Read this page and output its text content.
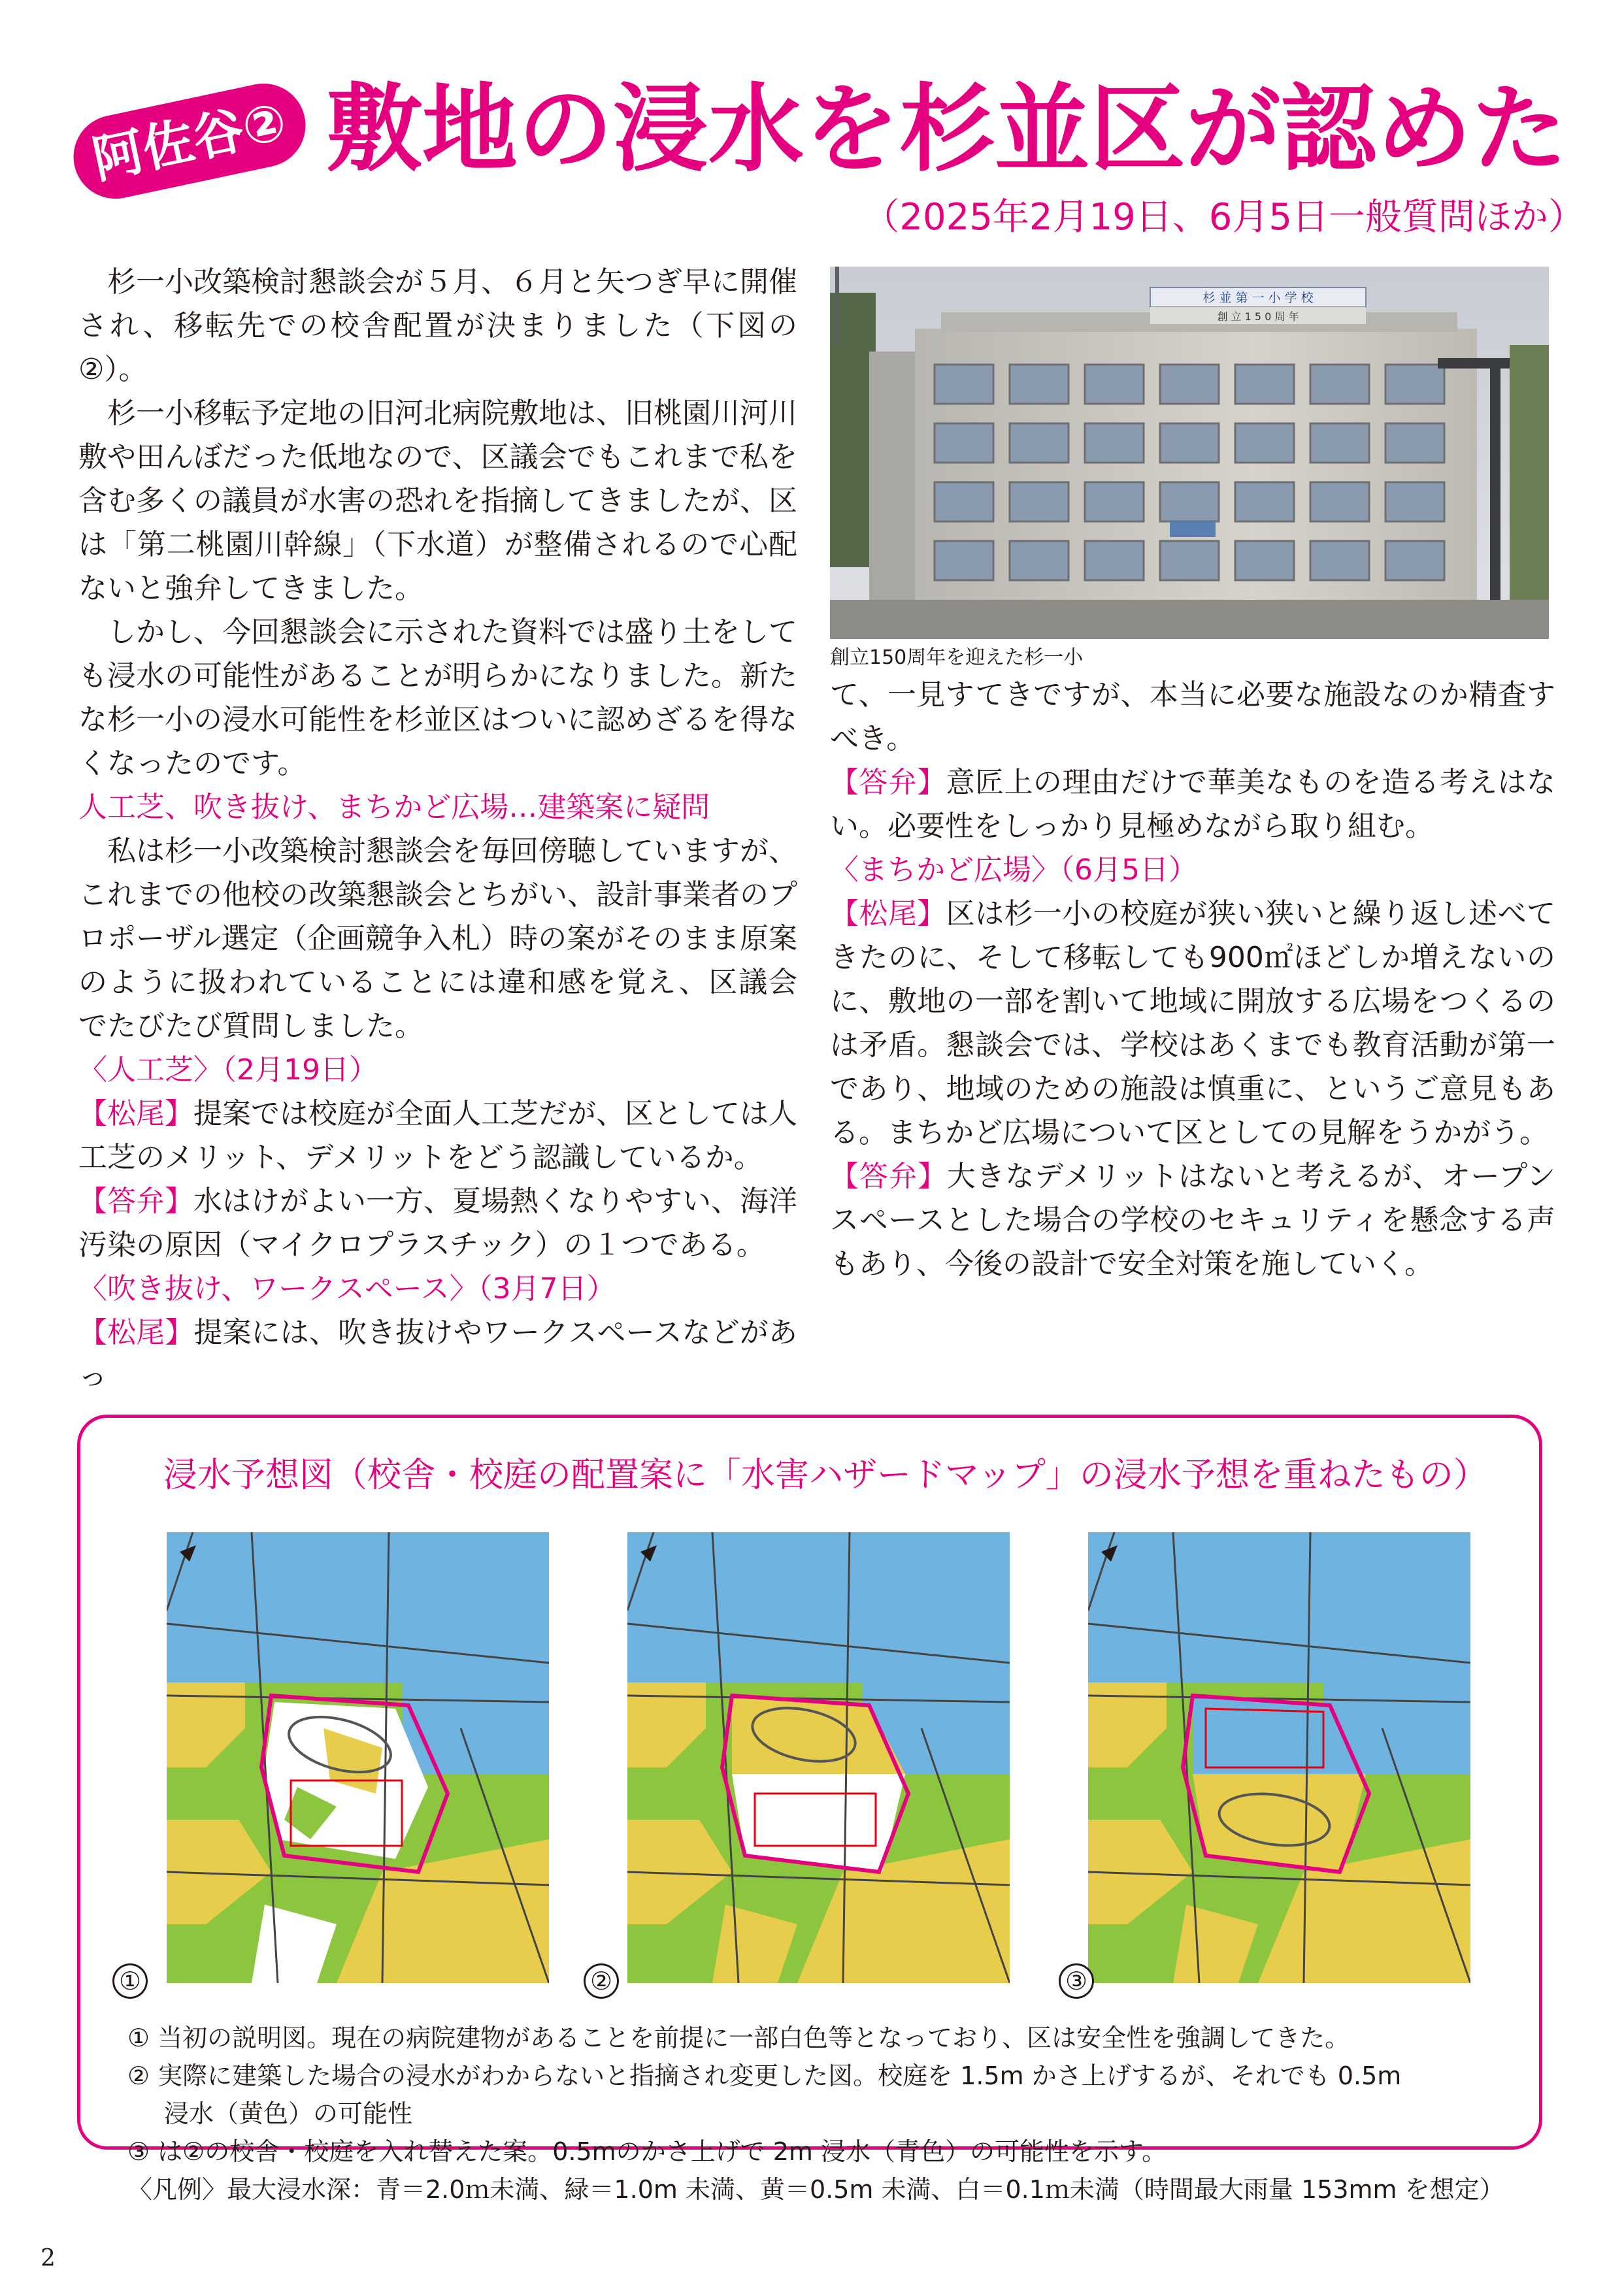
阿佐谷② 敷地の浸水を杉並区が認めた
（2025年2月19日、6月5日一般質問ほか）

杉一小改築検討懇談会が５月、６月と矢つぎ早に開催され、移転先での校舎配置が決まりました（下図の②）。

杉一小移転予定地の旧河北病院敷地は、旧桃園川河川敷や田んぼだった低地なので、区議会でもこれまで私を含む多くの議員が水害の恐れを指摘してきましたが、区は「第二桃園川幹線」（下水道）が整備されるので心配ないと強弁してきました。

しかし、今回懇談会に示された資料では盛り土をしても浸水の可能性があることが明らかになりました。新たな杉一小の浸水可能性を杉並区はついに認めざるを得なくなったのです。

人工芝、吹き抜け、まちかど広場…建築案に疑問

私は杉一小改築検討懇談会を毎回傍聴していますが、これまでの他校の改築懇談会とちがい、設計事業者のプロポーザル選定（企画競争入札）時の案がそのまま原案のように扱われていることには違和感を覚え、区議会でたびたび質問しました。

〈人工芝〉（2月19日）

【松尾】提案では校庭が全面人工芝だが、区としては人工芝のメリット、デメリットをどう認識しているか。

【答弁】水はけがよい一方、夏場熱くなりやすい、海洋汚染の原因（マイクロプラスチック）の１つである。

〈吹き抜け、ワークスペース〉（3月7日）

【松尾】提案には、吹き抜けやワークスペースなどがあっ

杉 並 第 一 小 学 校
創 立 1 5 0 周 年
創立150周年を迎えた杉一小

て、一見すてきですが、本当に必要な施設なのか精査すべき。

【答弁】意匠上の理由だけで華美なものを造る考えはない。必要性をしっかり見極めながら取り組む。

〈まちかど広場〉（6月5日）

【松尾】区は杉一小の校庭が狭い狭いと繰り返し述べてきたのに、そして移転しても900㎡ほどしか増えないのに、敷地の一部を割いて地域に開放する広場をつくるのは矛盾。懇談会では、学校はあくまでも教育活動が第一であり、地域のための施設は慎重に、というご意見もある。まちかど広場について区としての見解をうかがう。

【答弁】大きなデメリットはないと考えるが、オープンスペースとした場合の学校のセキュリティを懸念する声もあり、今後の設計で安全対策を施していく。

浸水予想図（校舎・校庭の配置案に「水害ハザードマップ」の浸水予想を重ねたもの）
①	②	③
① 当初の説明図。現在の病院建物があることを前提に一部白色等となっており、区は安全性を強調してきた。
② 実際に建築した場合の浸水がわからないと指摘され変更した図。校庭を 1.5m かさ上げするが、それでも 0.5m
浸水（黄色）の可能性
③ は②の校舎・校庭を入れ替えた案。0.5mのかさ上げで 2m 浸水（青色）の可能性を示す。
〈凡例〉最大浸水深：青＝2.0ｍ未満、緑＝1.0m 未満、黄＝0.5m 未満、白＝0.1ｍ未満（時間最大雨量 153mm を想定）
2
